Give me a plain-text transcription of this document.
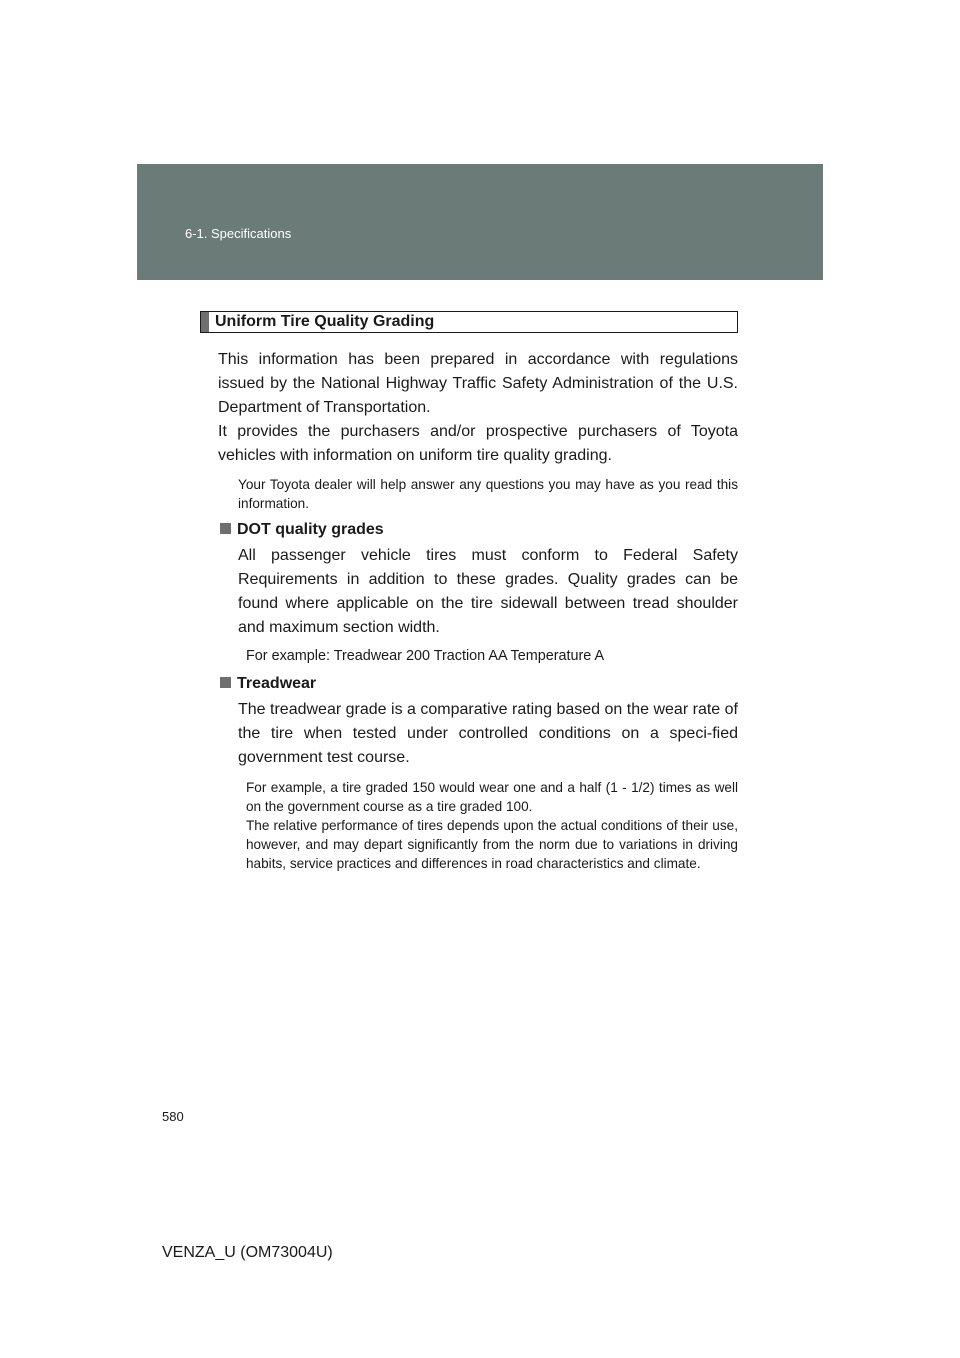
6-1. Specifications
Uniform Tire Quality Grading
This information has been prepared in accordance with regulations issued by the National Highway Traffic Safety Administration of the U.S. Department of Transportation.
It provides the purchasers and/or prospective purchasers of Toyota vehicles with information on uniform tire quality grading.
Your Toyota dealer will help answer any questions you may have as you read this information.
DOT quality grades
All passenger vehicle tires must conform to Federal Safety Requirements in addition to these grades. Quality grades can be found where applicable on the tire sidewall between tread shoulder and maximum section width.
For example: Treadwear 200 Traction AA Temperature A
Treadwear
The treadwear grade is a comparative rating based on the wear rate of the tire when tested under controlled conditions on a speci-fied government test course.
For example, a tire graded 150 would wear one and a half (1 - 1/2) times as well on the government course as a tire graded 100.
The relative performance of tires depends upon the actual conditions of their use, however, and may depart significantly from the norm due to variations in driving habits, service practices and differences in road characteristics and climate.
580
VENZA_U (OM73004U)
